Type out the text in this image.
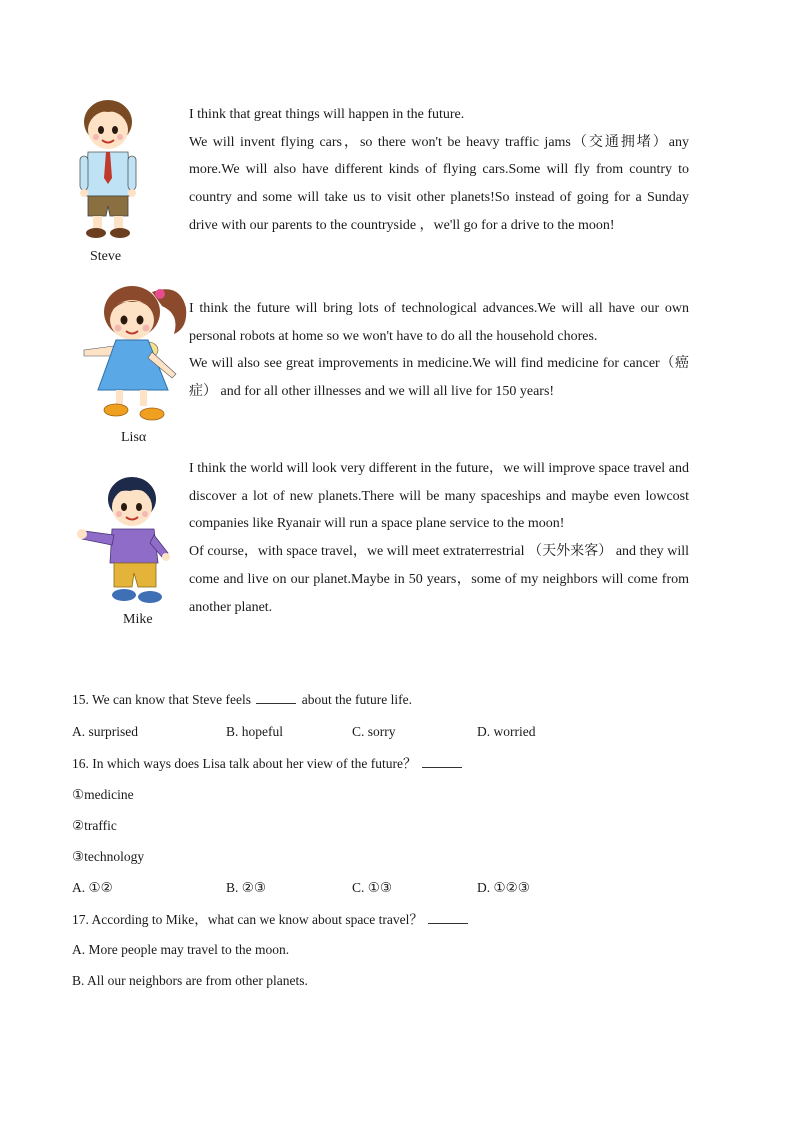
Steve

I think that great things will happen in the future.

We will invent flying cars，so there won't be heavy traffic jams（交通拥堵）any more.We will also have different kinds of flying cars.Some will fly from country to country and some will take us to visit other planets!So instead of going for a Sunday drive with our parents to the countryside ，we'll go for a drive to the moon!

Lisα

I think the future will bring lots of technological advances.We will all have our own personal robots at home so we won't have to do all the household chores.

We will also see great improvements in medicine.We will find medicine for cancer（癌症） and for all other illnesses and we will all live for 150 years!

Mike

I think the world will look very different in the future，we will improve space travel and discover a lot of new planets.There will be many spaceships and maybe even lowcost companies like Ryanair will run a space plane service to the moon!

Of course，with space travel，we will meet extraterrestrial （天外来客） and they will come and live on our planet.Maybe in 50 years，some of my neighbors will come from another planet.

15. We can know that Steve feels	about the future life.
A. surprised	B. hopeful	C. sorry	D. worried
16. In which ways does Lisa talk about her view of the future？
①medicine
②traffic
③technology
A. ①②	B. ②③	C. ①③	D. ①②③
17. According to Mike，what can we know about space travel？
A. More people may travel to the moon.
B. All our neighbors are from other planets.
